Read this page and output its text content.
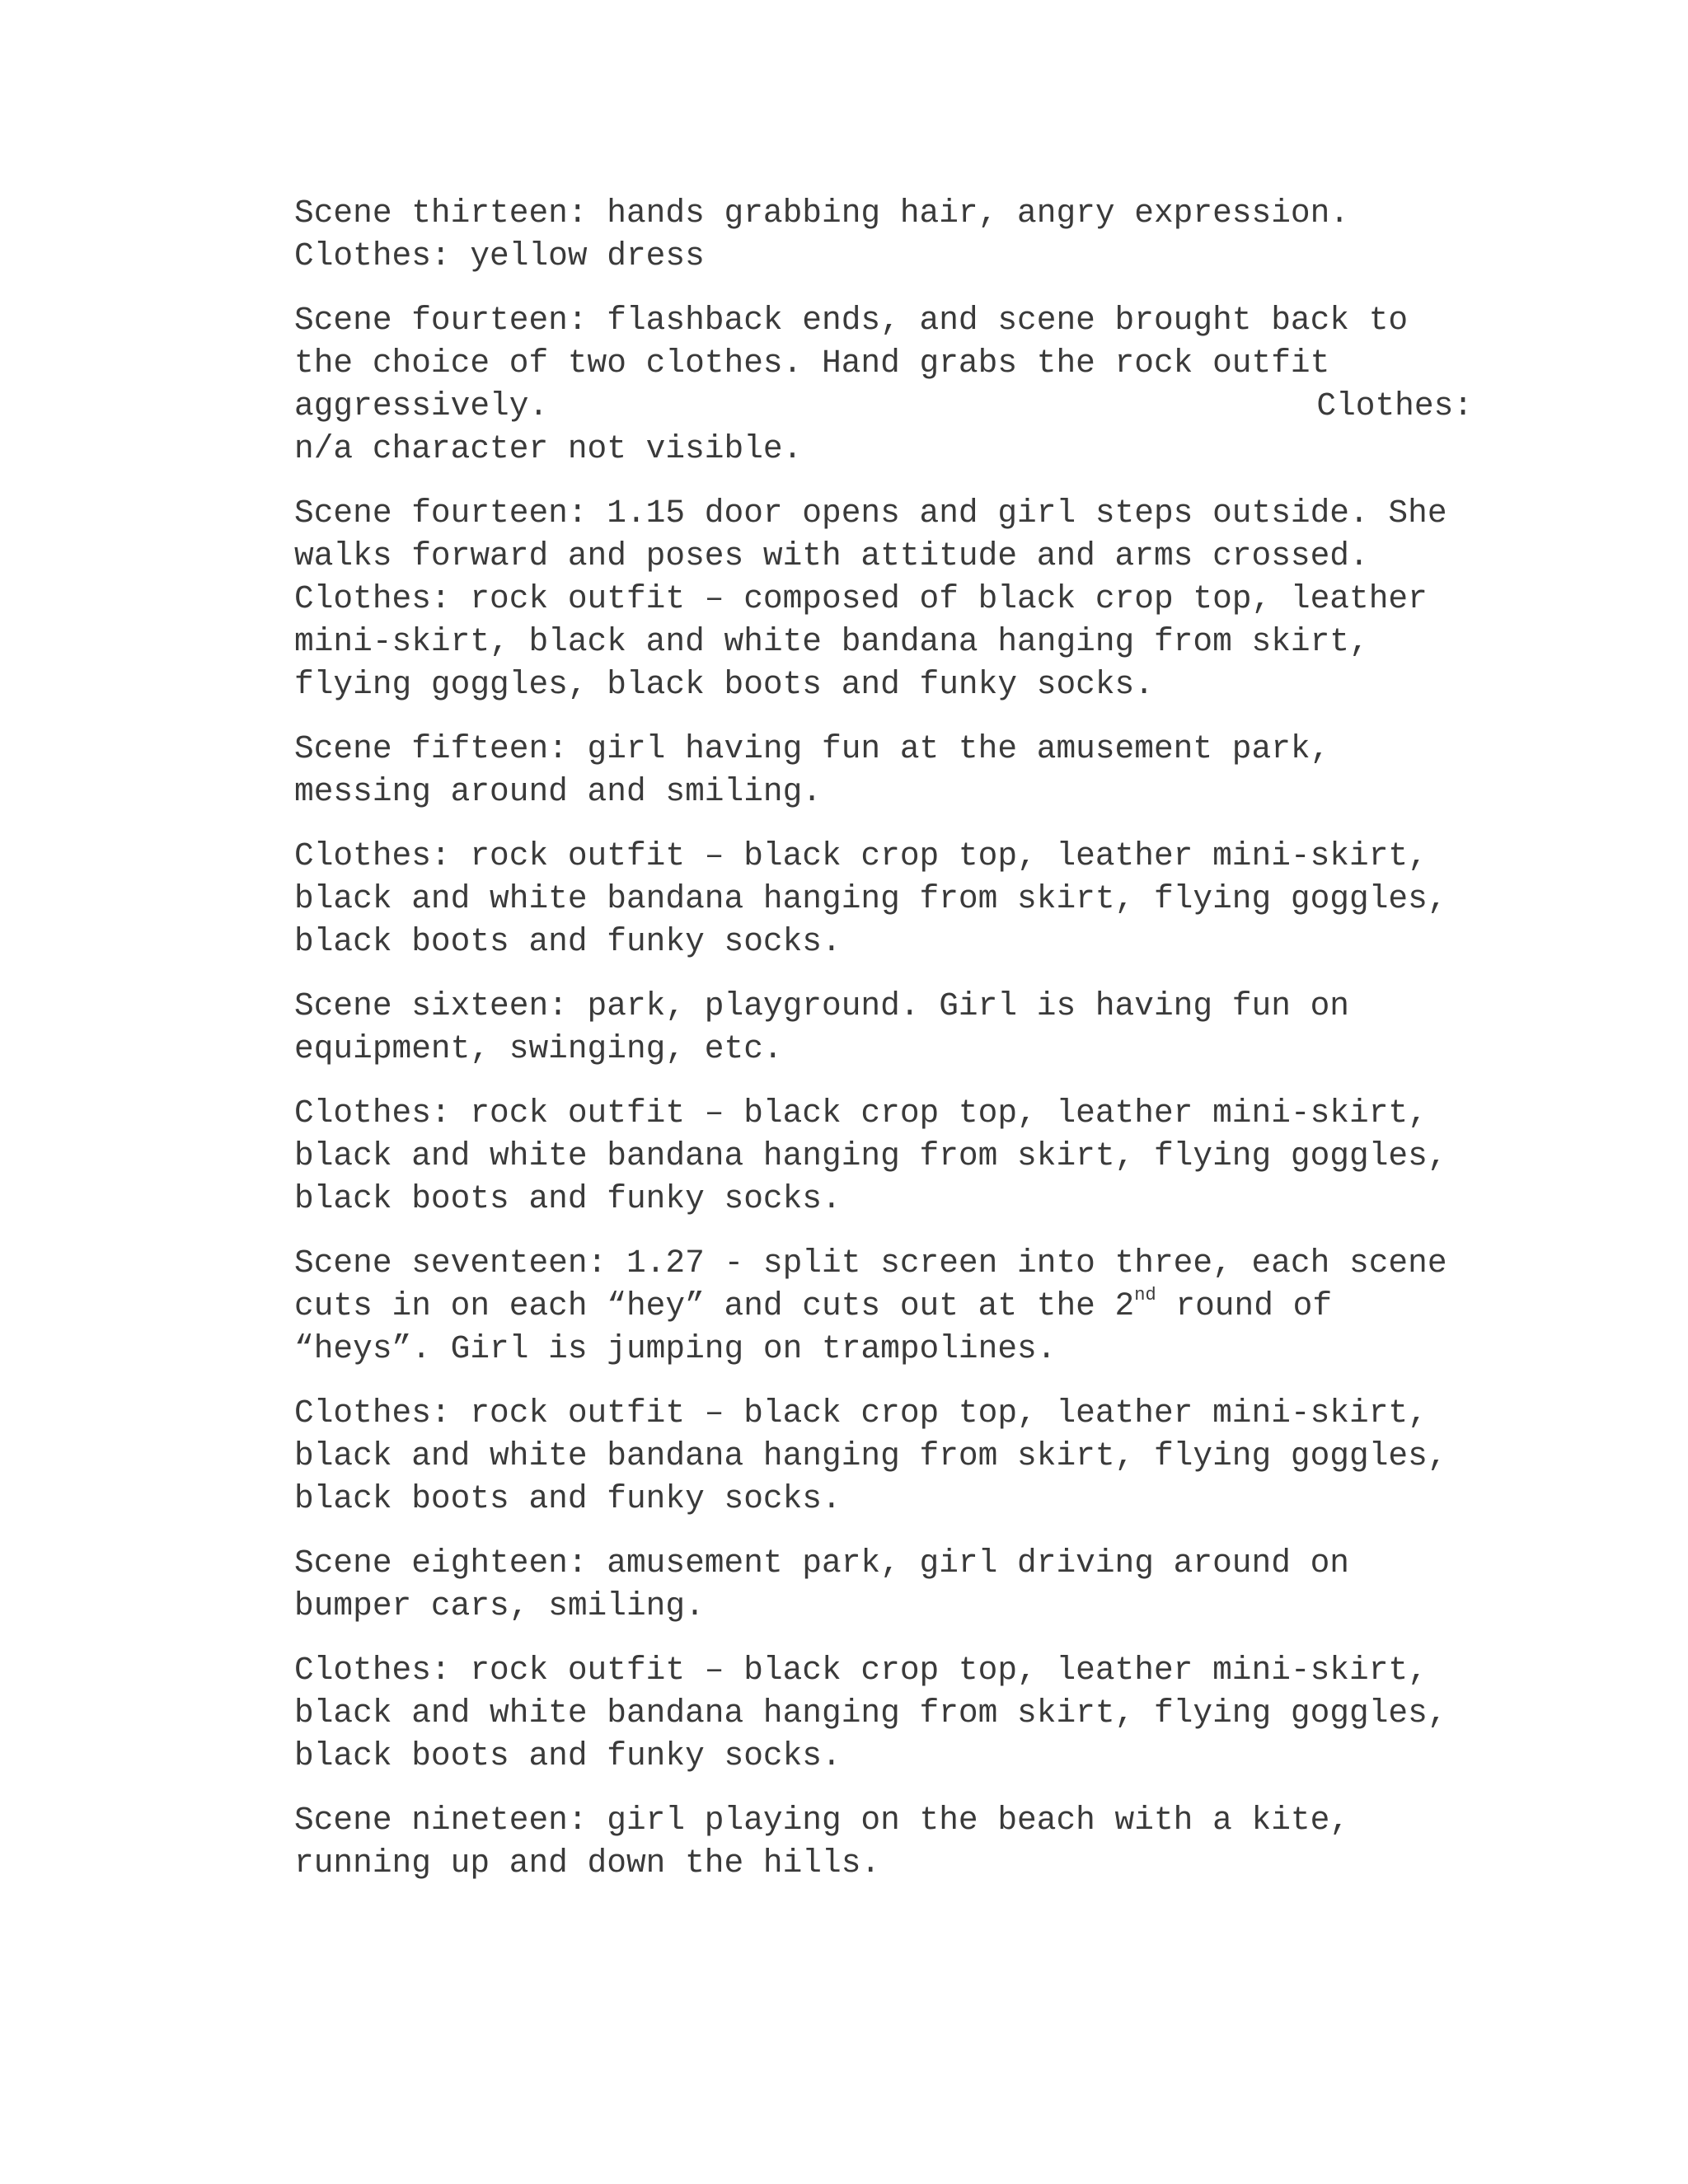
Scene thirteen: hands grabbing hair, angry expression.
Clothes: yellow dress

Scene fourteen: flashback ends, and scene brought back to
the choice of two clothes. Hand grabs the rock outfit
aggressively.	Clothes:
n/a character not visible.

Scene fourteen: 1.15 door opens and girl steps outside. She
walks forward and poses with attitude and arms crossed.
Clothes: rock outfit – composed of black crop top, leather
mini-skirt, black and white bandana hanging from skirt,
flying goggles, black boots and funky socks.

Scene fifteen: girl having fun at the amusement park,
messing around and smiling.

Clothes: rock outfit – black crop top, leather mini-skirt,
black and white bandana hanging from skirt, flying goggles,
black boots and funky socks.

Scene sixteen: park, playground. Girl is having fun on
equipment, swinging, etc.

Clothes: rock outfit – black crop top, leather mini-skirt,
black and white bandana hanging from skirt, flying goggles,
black boots and funky socks.

Scene seventeen: 1.27 - split screen into three, each scene
cuts in on each “hey” and cuts out at the 2nd round of
“heys”. Girl is jumping on trampolines.

Clothes: rock outfit – black crop top, leather mini-skirt,
black and white bandana hanging from skirt, flying goggles,
black boots and funky socks.

Scene eighteen: amusement park, girl driving around on
bumper cars, smiling.

Clothes: rock outfit – black crop top, leather mini-skirt,
black and white bandana hanging from skirt, flying goggles,
black boots and funky socks.

Scene nineteen: girl playing on the beach with a kite,
running up and down the hills.
